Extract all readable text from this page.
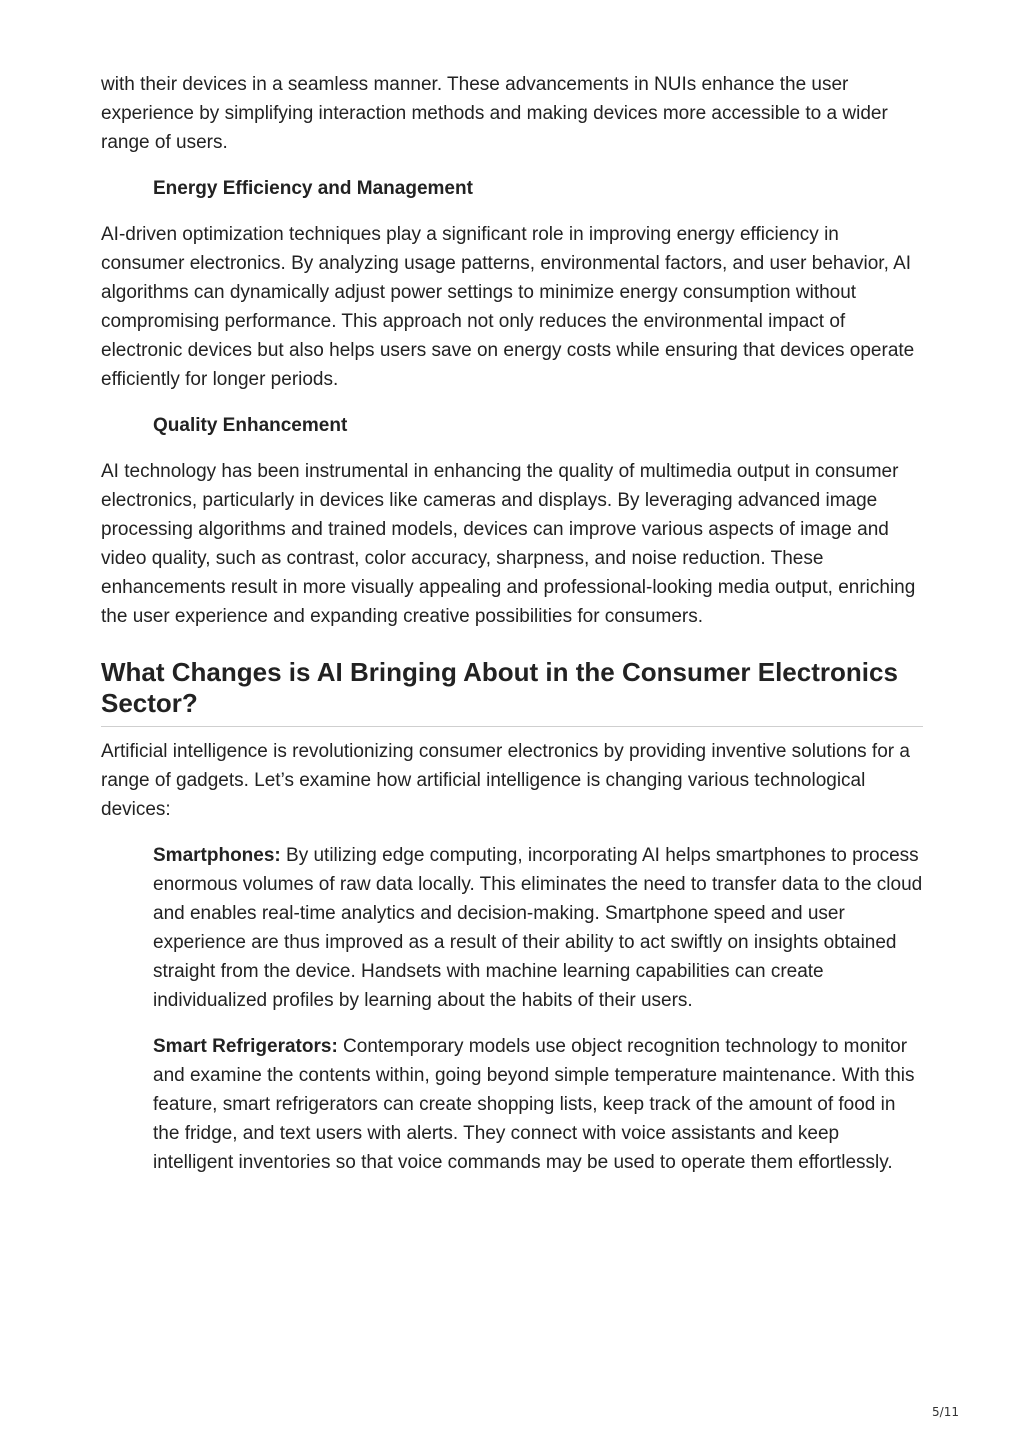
with their devices in a seamless manner. These advancements in NUIs enhance the user experience by simplifying interaction methods and making devices more accessible to a wider range of users.

Energy Efficiency and Management

AI-driven optimization techniques play a significant role in improving energy efficiency in consumer electronics. By analyzing usage patterns, environmental factors, and user behavior, AI algorithms can dynamically adjust power settings to minimize energy consumption without compromising performance. This approach not only reduces the environmental impact of electronic devices but also helps users save on energy costs while ensuring that devices operate efficiently for longer periods.

Quality Enhancement

AI technology has been instrumental in enhancing the quality of multimedia output in consumer electronics, particularly in devices like cameras and displays. By leveraging advanced image processing algorithms and trained models, devices can improve various aspects of image and video quality, such as contrast, color accuracy, sharpness, and noise reduction. These enhancements result in more visually appealing and professional-looking media output, enriching the user experience and expanding creative possibilities for consumers.

What Changes is AI Bringing About in the Consumer Electronics Sector?

Artificial intelligence is revolutionizing consumer electronics by providing inventive solutions for a range of gadgets. Let’s examine how artificial intelligence is changing various technological devices:

Smartphones: By utilizing edge computing, incorporating AI helps smartphones to process enormous volumes of raw data locally. This eliminates the need to transfer data to the cloud and enables real-time analytics and decision-making. Smartphone speed and user experience are thus improved as a result of their ability to act swiftly on insights obtained straight from the device. Handsets with machine learning capabilities can create individualized profiles by learning about the habits of their users.

Smart Refrigerators: Contemporary models use object recognition technology to monitor and examine the contents within, going beyond simple temperature maintenance. With this feature, smart refrigerators can create shopping lists, keep track of the amount of food in the fridge, and text users with alerts. They connect with voice assistants and keep intelligent inventories so that voice commands may be used to operate them effortlessly.

5/11
